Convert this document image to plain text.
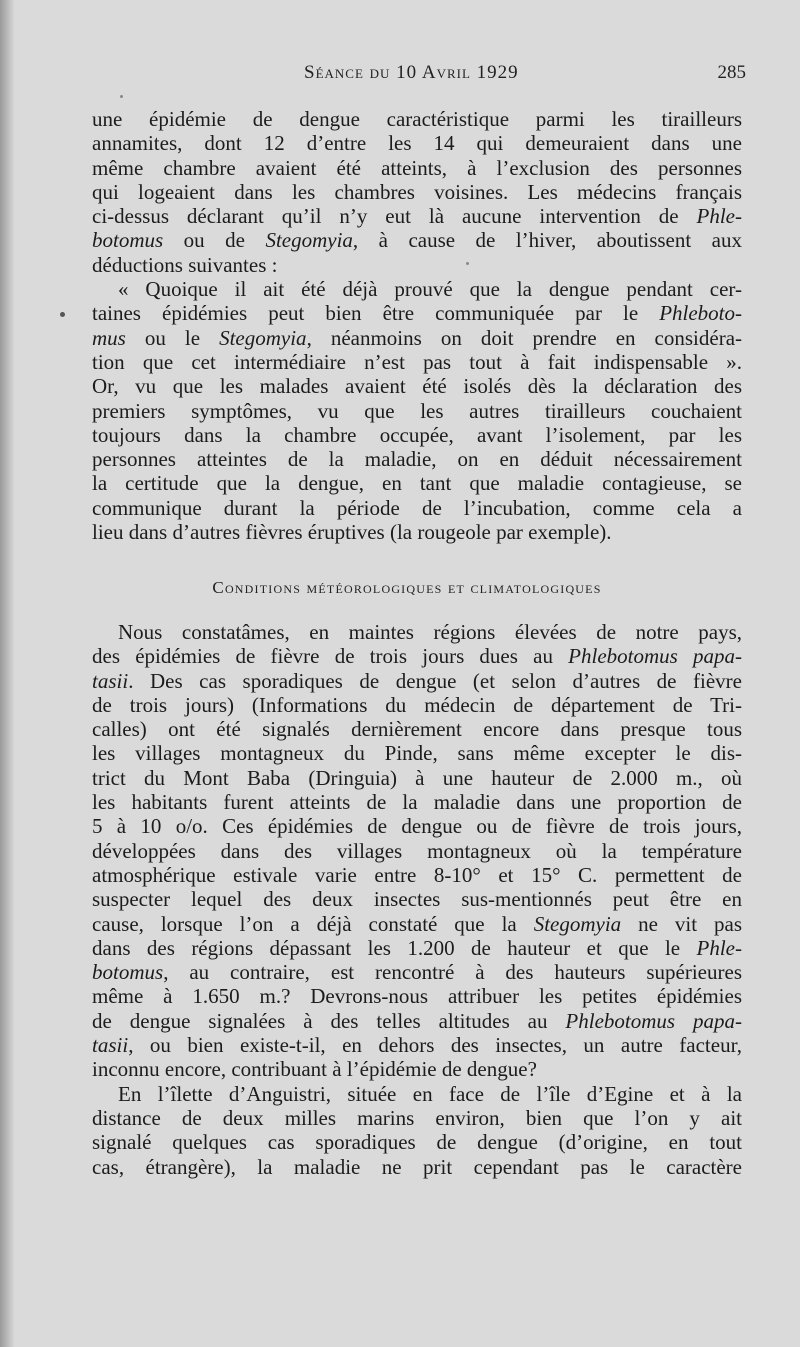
Séance du 10 Avril 1929	285
une épidémie de dengue caractéristique parmi les tirailleurs
annamites, dont 12 d’entre les 14 qui demeuraient dans une
même chambre avaient été atteints, à l’exclusion des personnes
qui logeaient dans les chambres voisines. Les médecins français
ci-dessus déclarant qu’il n’y eut là aucune intervention de Phle-
botomus ou de Stegomyia, à cause de l’hiver, aboutissent aux
déductions suivantes :
« Quoique il ait été déjà prouvé que la dengue pendant cer-
taines épidémies peut bien être communiquée par le Phleboto-
mus ou le Stegomyia, néanmoins on doit prendre en considéra-
tion que cet intermédiaire n’est pas tout à fait indispensable ».
Or, vu que les malades avaient été isolés dès la déclaration des
premiers symptômes, vu que les autres tirailleurs couchaient
toujours dans la chambre occupée, avant l’isolement, par les
personnes atteintes de la maladie, on en déduit nécessairement
la certitude que la dengue, en tant que maladie contagieuse, se
communique durant la période de l’incubation, comme cela a
lieu dans d’autres fièvres éruptives (la rougeole par exemple).
Conditions météorologiques et climatologiques
Nous constatâmes, en maintes régions élevées de notre pays,
des épidémies de fièvre de trois jours dues au Phlebotomus papa-
tasii. Des cas sporadiques de dengue (et selon d’autres de fièvre
de trois jours) (Informations du médecin de département de Tri-
calles) ont été signalés dernièrement encore dans presque tous
les villages montagneux du Pinde, sans même excepter le dis-
trict du Mont Baba (Dringuia) à une hauteur de 2.000 m., où
les habitants furent atteints de la maladie dans une proportion de
5 à 10 o/o. Ces épidémies de dengue ou de fièvre de trois jours,
développées dans des villages montagneux où la température
atmosphérique estivale varie entre 8-10° et 15° C. permettent de
suspecter lequel des deux insectes sus-mentionnés peut être en
cause, lorsque l’on a déjà constaté que la Stegomyia ne vit pas
dans des régions dépassant les 1.200 de hauteur et que le Phle-
botomus, au contraire, est rencontré à des hauteurs supérieures
même à 1.650 m.? Devrons-nous attribuer les petites épidémies
de dengue signalées à des telles altitudes au Phlebotomus papa-
tasii, ou bien existe-t-il, en dehors des insectes, un autre facteur,
inconnu encore, contribuant à l’épidémie de dengue?
En l’îlette d’Anguistri, située en face de l’île d’Egine et à la
distance de deux milles marins environ, bien que l’on y ait
signalé quelques cas sporadiques de dengue (d’origine, en tout
cas, étrangère), la maladie ne prit cependant pas le caractère
